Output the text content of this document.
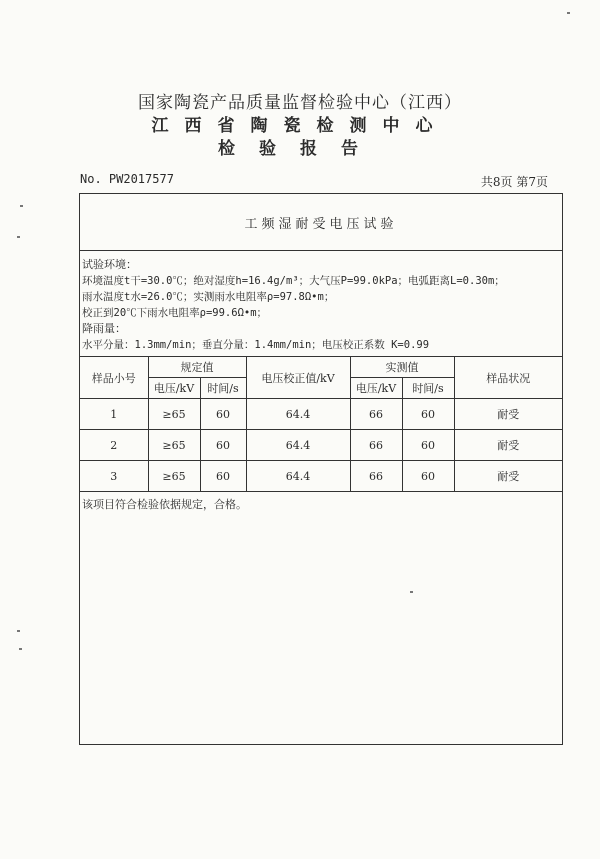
国家陶瓷产品质量监督检验中心（江西）
江西省陶瓷检测中心
检验报告
No. PW2017577	共8页 第7页
工频湿耐受电压试验
试验环境：
环境温度t干=30.0℃；绝对湿度h=16.4g/m³；大气压P=99.0kPa；电弧距离L=0.30m；
雨水温度t水=26.0℃；实测雨水电阻率ρ=97.8Ω•m；
校正到20℃下雨水电阻率ρ=99.6Ω•m；
降雨量：
水平分量：1.3mm/min；垂直分量：1.4mm/min；电压校正系数 K=0.99
样品小号	规定值		电压校正值/kV	实测值		样品状况
	电压/kV	时间/s		电压/kV	时间/s	
1	≥65	60	64.4	66	60	耐受
2	≥65	60	64.4	66	60	耐受
3	≥65	60	64.4	66	60	耐受
该项目符合检验依据规定，合格。
